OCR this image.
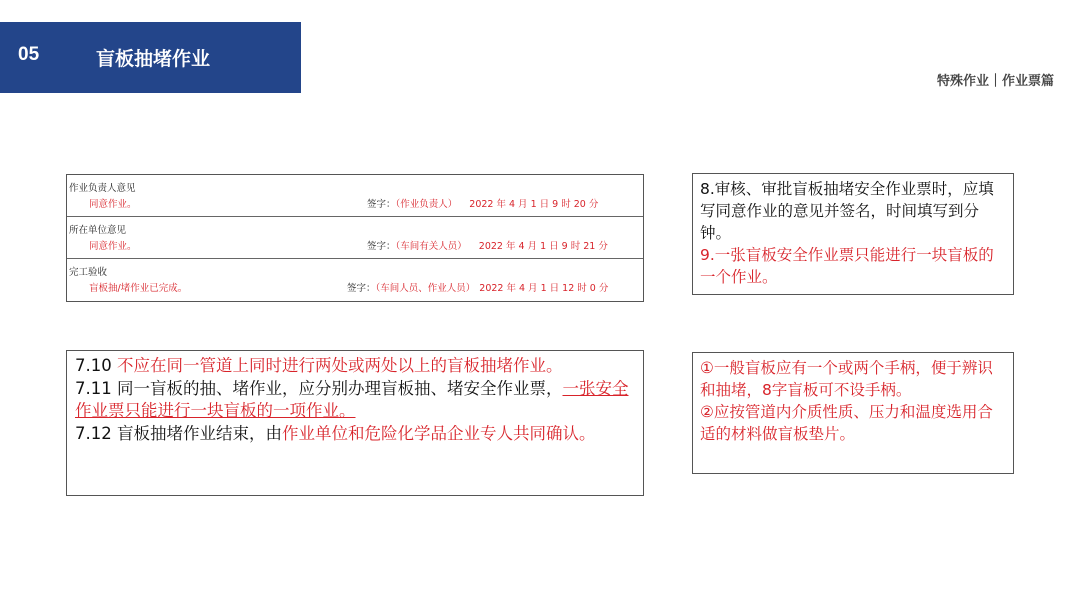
05	盲板抽堵作业
特殊作业｜作业票篇
作业负责人意见
同意作业。	签字：（作业负责人） 2022 年 4 月 1 日 9 时 20 分
所在单位意见
同意作业。	签字：（车间有关人员） 2022 年 4 月 1 日 9 时 21 分
完工验收
盲板抽/堵作业已完成。	签字：（车间人员、作业人员） 2022 年 4 月 1 日 12 时 0 分

8.审核、审批盲板抽堵安全作业票时，应填写同意作业的意见并签名，时间填写到分钟。

9.一张盲板安全作业票只能进行一块盲板的一个作业。

7.10 不应在同一管道上同时进行两处或两处以上的盲板抽堵作业。

7.11 同一盲板的抽、堵作业，应分别办理盲板抽、堵安全作业票，一张安全作业票只能进行一块盲板的一项作业。

7.12 盲板抽堵作业结束，由作业单位和危险化学品企业专人共同确认。

①一般盲板应有一个或两个手柄，便于辨识和抽堵，8字盲板可不设手柄。

②应按管道内介质性质、压力和温度选用合适的材料做盲板垫片。
